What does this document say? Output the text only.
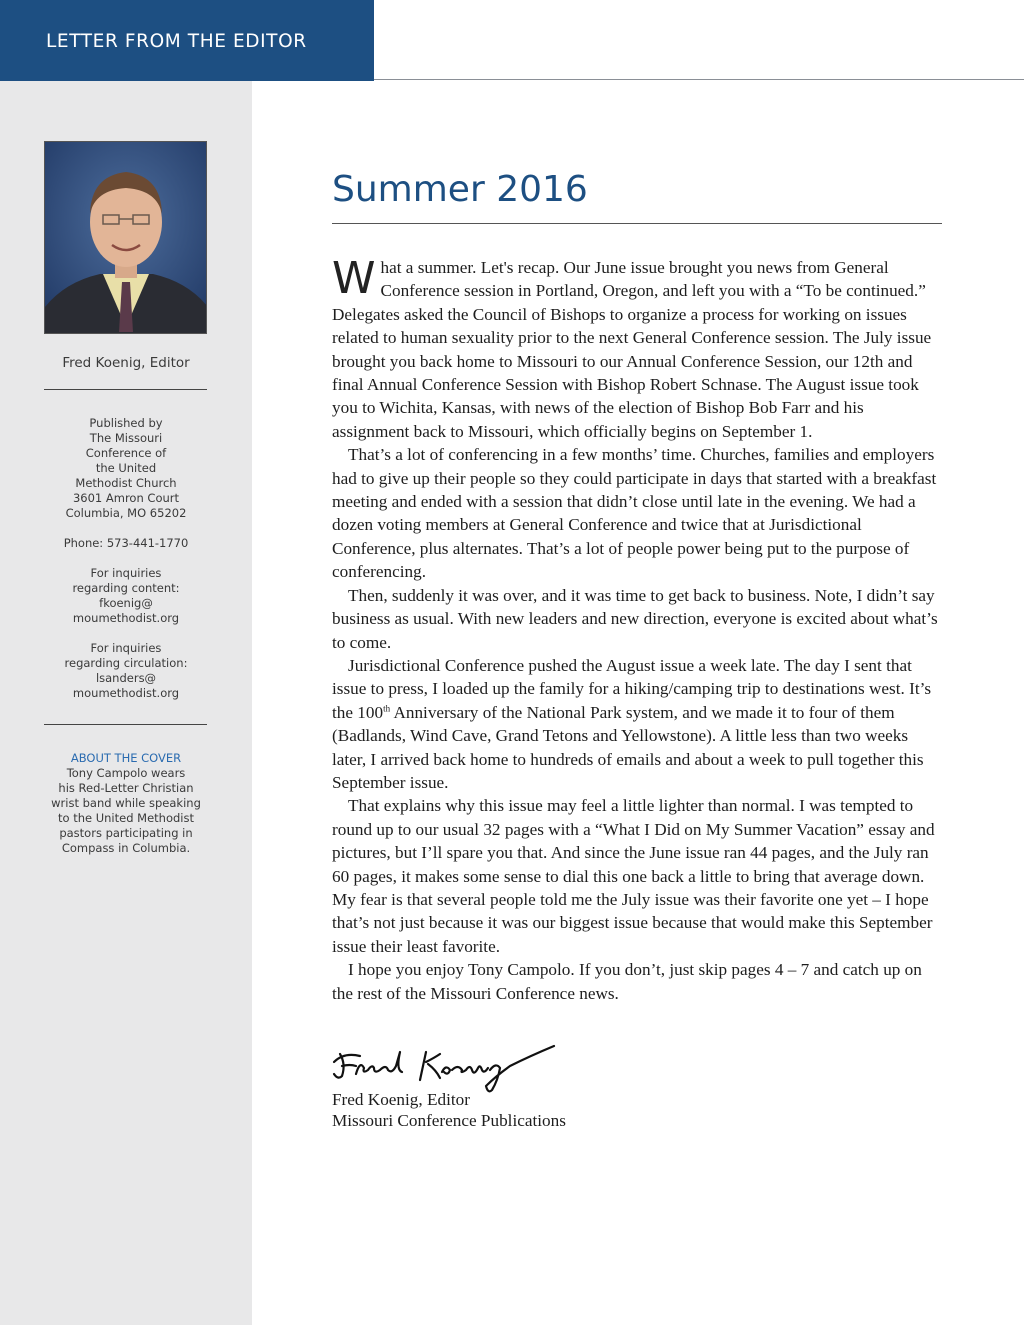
LETTER FROM THE EDITOR
Fred Koenig, Editor

Published by
The Missouri
Conference of
the United
Methodist Church
3601 Amron Court
Columbia, MO 65202

Phone: 573-441-1770

For inquiries
regarding content:
fkoenig@
moumethodist.org

For inquiries
regarding circulation:
lsanders@
moumethodist.org

ABOUT THE COVER
Tony Campolo wears
his Red-Letter Christian
wrist band while speaking
to the United Methodist
pastors participating in
Compass in Columbia.
Summer 2016

What a summer. Let's recap. Our June issue brought you news from General Conference session in Portland, Oregon, and left you with a “To be continued.” Delegates asked the Council of Bishops to organize a process for working on issues related to human sexuality prior to the next General Conference session. The July issue brought you back home to Missouri to our Annual Conference Session, our 12th and final Annual Conference Session with Bishop Robert Schnase. The August issue took you to Wichita, Kansas, with news of the election of Bishop Bob Farr and his assignment back to Missouri, which officially begins on September 1.

That’s a lot of conferencing in a few months’ time. Churches, families and employers had to give up their people so they could participate in days that started with a breakfast meeting and ended with a session that didn’t close until late in the evening. We had a dozen voting members at General Conference and twice that at Jurisdictional Conference, plus alternates. That’s a lot of people power being put to the purpose of conferencing.

Then, suddenly it was over, and it was time to get back to business. Note, I didn’t say business as usual. With new leaders and new direction, everyone is excited about what’s to come.

Jurisdictional Conference pushed the August issue a week late. The day I sent that issue to press, I loaded up the family for a hiking/camping trip to destinations west. It’s the 100th Anniversary of the National Park system, and we made it to four of them (Badlands, Wind Cave, Grand Tetons and Yellowstone). A little less than two weeks later, I arrived back home to hundreds of emails and about a week to pull together this September issue.

That explains why this issue may feel a little lighter than normal. I was tempted to round up to our usual 32 pages with a “What I Did on My Summer Vacation” essay and pictures, but I’ll spare you that. And since the June issue ran 44 pages, and the July ran 60 pages, it makes some sense to dial this one back a little to bring that average down. My fear is that several people told me the July issue was their favorite one yet – I hope that’s not just because it was our biggest issue because that would make this September issue their least favorite.

I hope you enjoy Tony Campolo. If you don’t, just skip pages 4 – 7 and catch up on the rest of the Missouri Conference news.

Fred Koenig, Editor
Missouri Conference Publications
